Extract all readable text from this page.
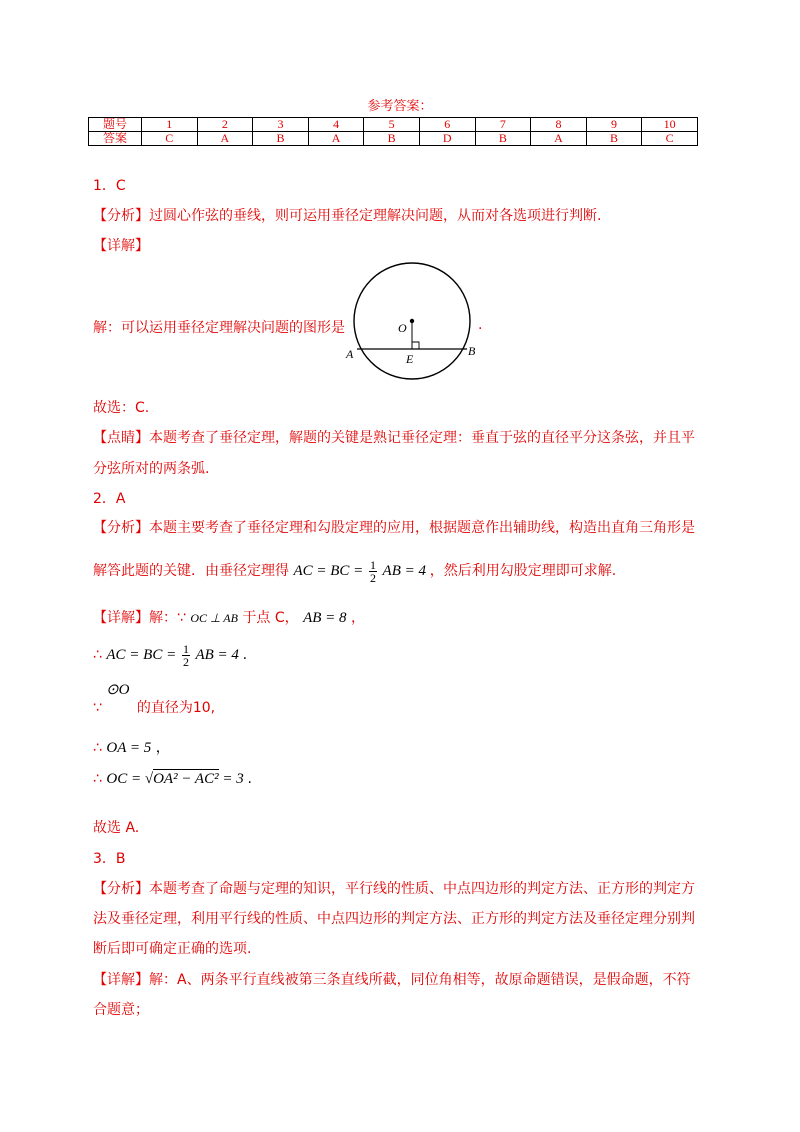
参考答案：
题号	1	2	3	4	5	6	7	8	9	10
答案	C	A	B	A	B	D	B	A	B	C
1．C
【分析】过圆心作弦的垂线，则可运用垂径定理解决问题，从而对各选项进行判断.
【详解】
解：可以运用垂径定理解决问题的图形是	.
O
A	B
E
故选：C.
【点睛】本题考查了垂径定理，解题的关键是熟记垂径定理：垂直于弦的直径平分这条弦，并且平
分弦所对的两条弧.
2．A
【分析】本题主要考查了垂径定理和勾股定理的应用，根据题意作出辅助线，构造出直角三角形是
解答此题的关键．由垂径定理得 AC = BC = $\frac{1}{2}$ AB = 4 ，然后利用勾股定理即可求解.
【详解】解：∵ OC ⊥ AB 于点 C， AB = 8 ，
∴ AC = BC = $\frac{1}{2}$ AB = 4 .
⊙O
∵ 的直径为10,
∴ OA = 5 ，
∴ OC = √OA² − AC² = 3 .
故选 A.
3．B
【分析】本题考查了命题与定理的知识，平行线的性质、中点四边形的判定方法、正方形的判定方
法及垂径定理，利用平行线的性质、中点四边形的判定方法、正方形的判定方法及垂径定理分别判
断后即可确定正确的选项.
【详解】解：A、两条平行直线被第三条直线所截，同位角相等，故原命题错误，是假命题，不符
合题意；
